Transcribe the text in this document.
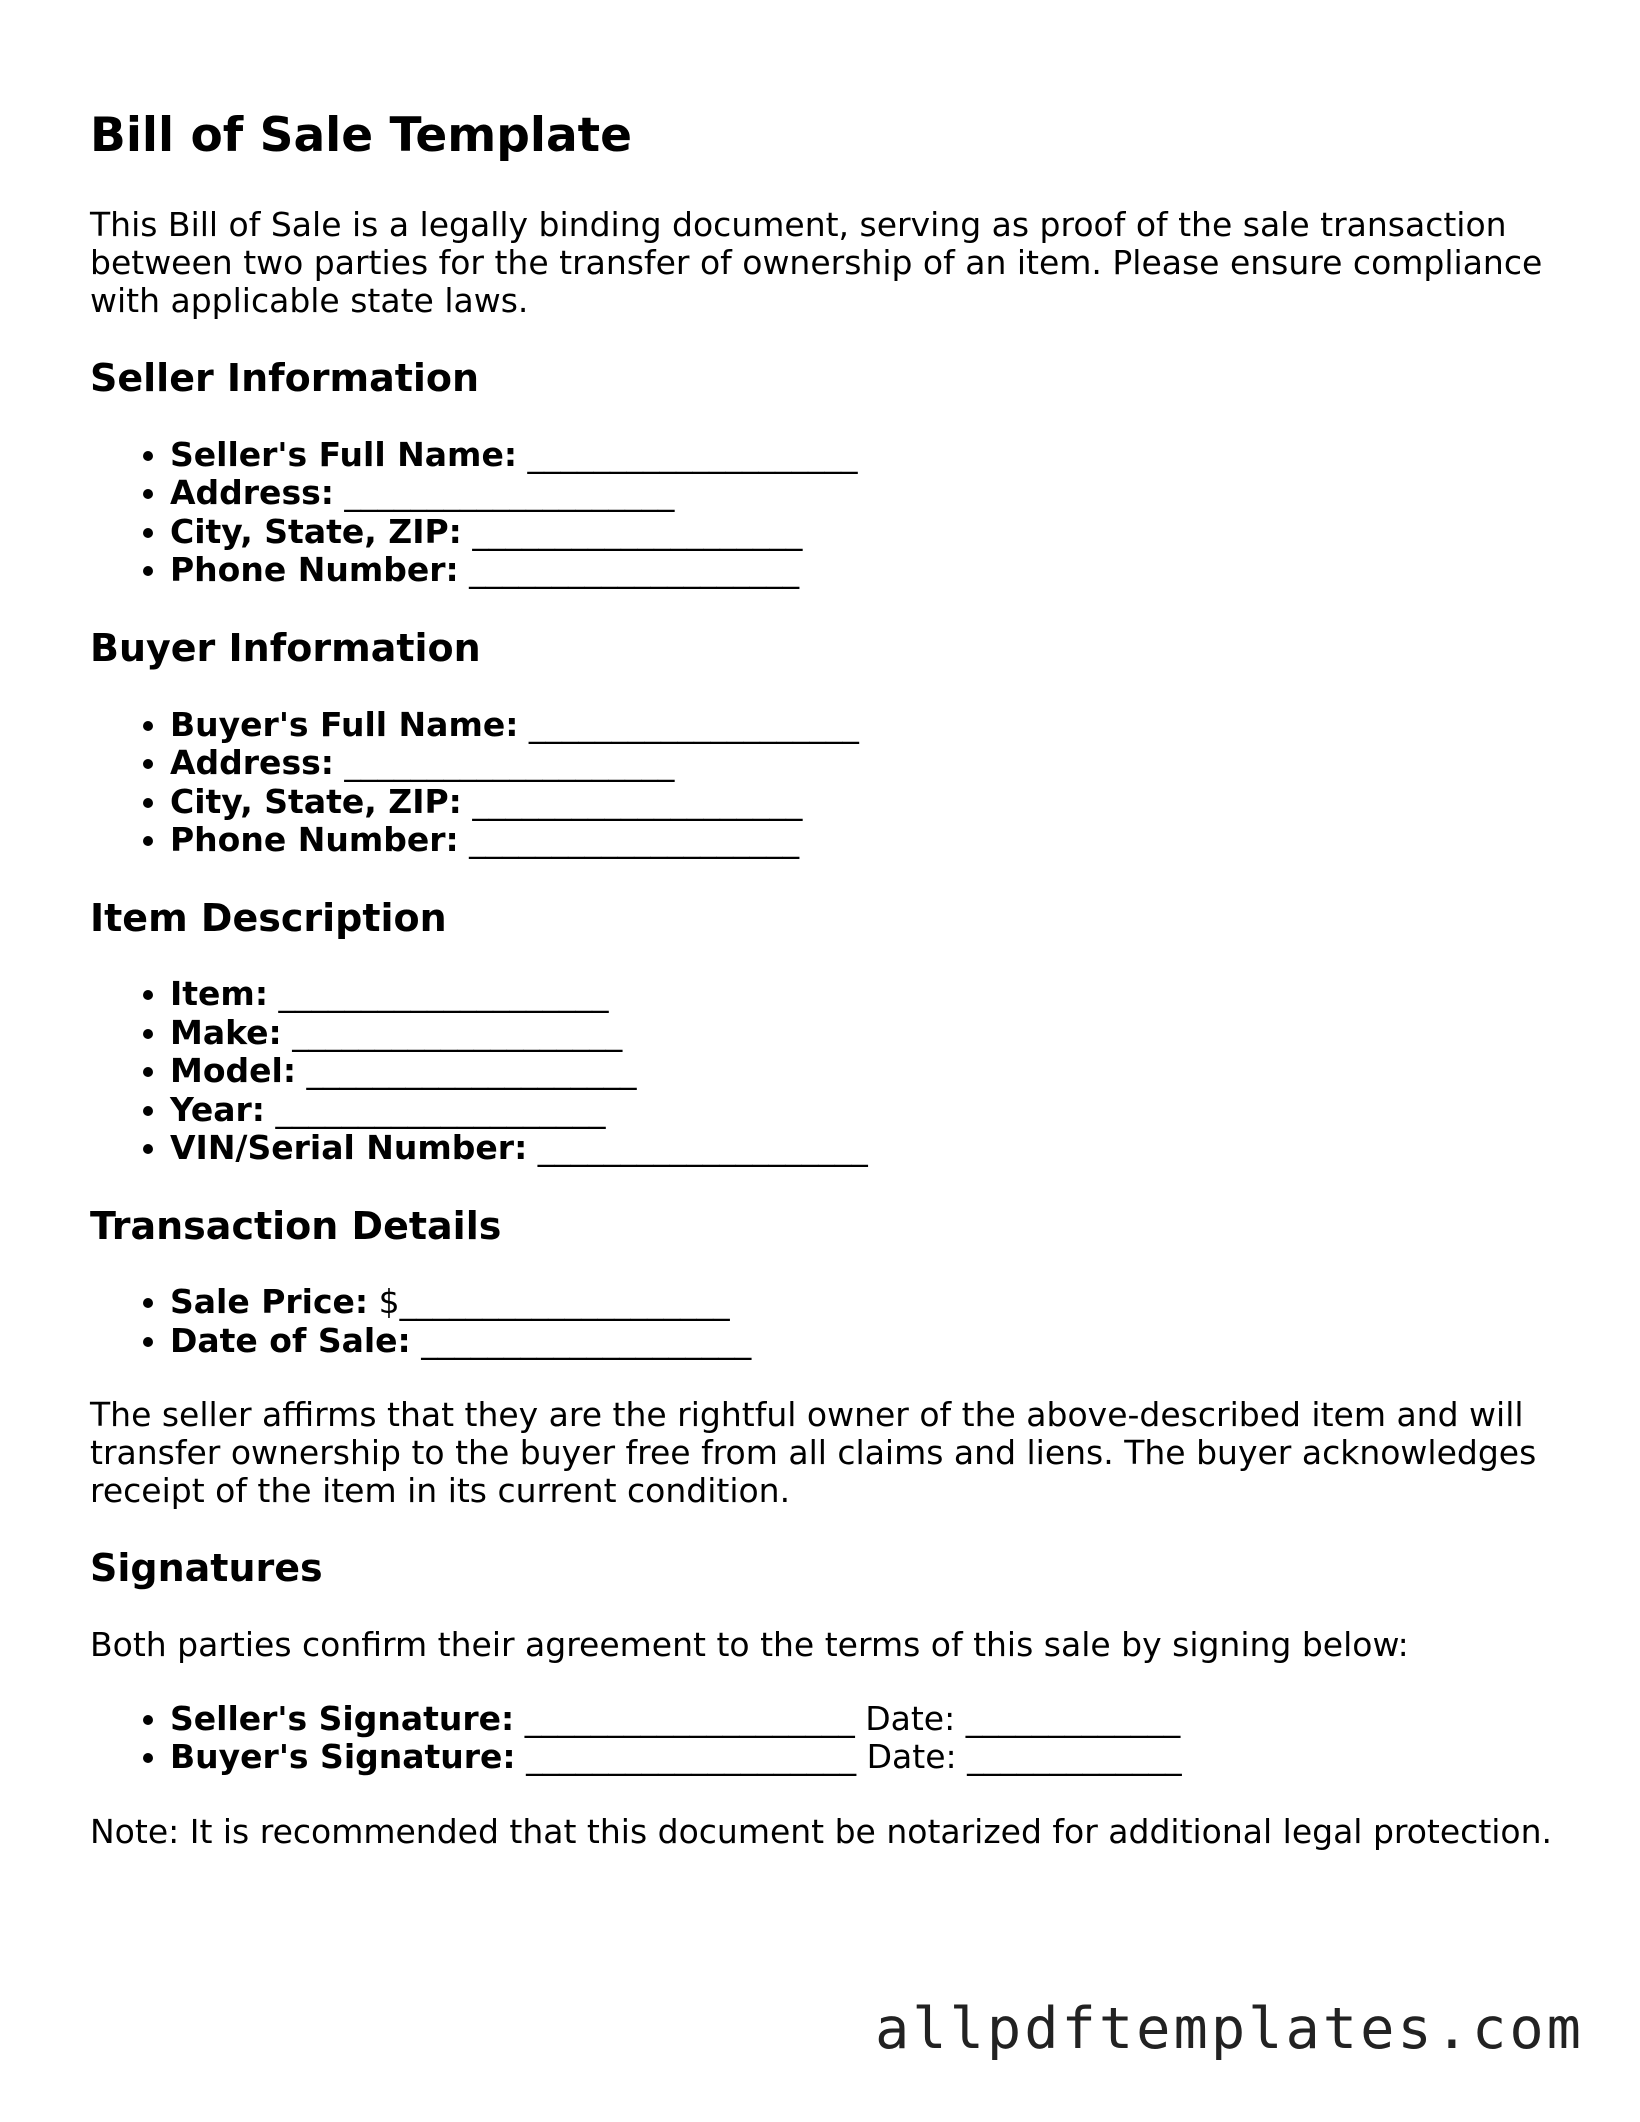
Bill of Sale Template

This Bill of Sale is a legally binding document, serving as proof of the sale transaction between two parties for the transfer of ownership of an item. Please ensure compliance with applicable state laws.

Seller Information
• Seller's Full Name: ____________________
• Address: ____________________
• City, State, ZIP: ____________________
• Phone Number: ____________________
Buyer Information
• Buyer's Full Name: ____________________
• Address: ____________________
• City, State, ZIP: ____________________
• Phone Number: ____________________
Item Description
• Item: ____________________
• Make: ____________________
• Model: ____________________
• Year: ____________________
• VIN/Serial Number: ____________________
Transaction Details
• Sale Price: $____________________
• Date of Sale: ____________________

The seller affirms that they are the rightful owner of the above-described item and will transfer ownership to the buyer free from all claims and liens. The buyer acknowledges receipt of the item in its current condition.

Signatures

Both parties confirm their agreement to the terms of this sale by signing below:

• Seller's Signature: ____________________ Date: _____________
• Buyer's Signature: ____________________ Date: _____________

Note: It is recommended that this document be notarized for additional legal protection.

allpdftemplates.com
